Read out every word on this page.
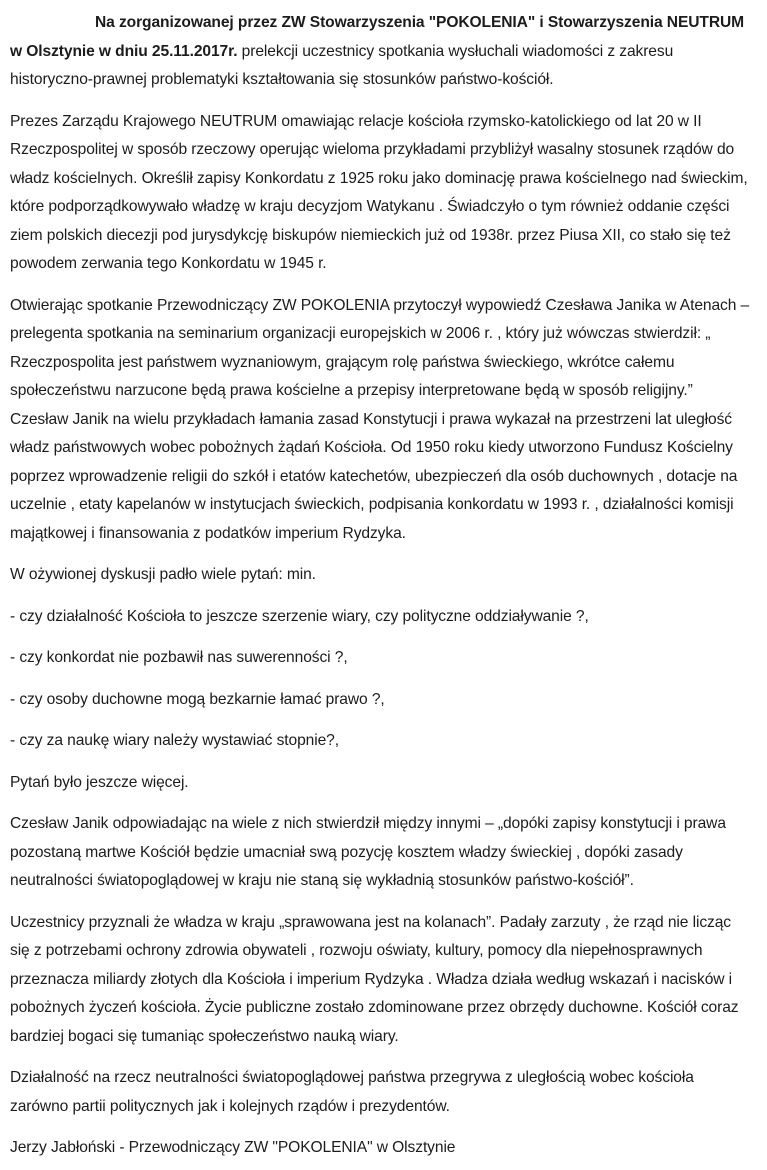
Na zorganizowanej przez ZW Stowarzyszenia "POKOLENIA" i Stowarzyszenia NEUTRUM w Olsztynie w dniu 25.11.2017r. prelekcji uczestnicy spotkania wysłuchali wiadomości z zakresu historyczno-prawnej problematyki kształtowania się stosunków państwo-kościół.

Prezes Zarządu Krajowego NEUTRUM omawiając relacje kościoła rzymsko-katolickiego od lat 20 w II Rzeczpospolitej w sposób rzeczowy operując wieloma przykładami przybliżył wasalny stosunek rządów do władz kościelnych. Określił zapisy Konkordatu z 1925 roku jako dominację prawa kościelnego nad świeckim, które podporządkowywało władzę w kraju decyzjom Watykanu . Świadczyło o tym również oddanie części ziem polskich diecezji pod jurysdykcję biskupów niemieckich już od 1938r. przez Piusa XII, co stało się też powodem zerwania tego Konkordatu w 1945 r.

Otwierając spotkanie Przewodniczący ZW POKOLENIA przytoczył wypowiedź Czesława Janika w Atenach – prelegenta spotkania na seminarium organizacji europejskich w 2006 r. , który już wówczas stwierdził: „ Rzeczpospolita jest państwem wyznaniowym, grającym rolę państwa świeckiego, wkrótce całemu społeczeństwu narzucone będą prawa kościelne a przepisy interpretowane będą w sposób religijny.” Czesław Janik na wielu przykładach łamania zasad Konstytucji i prawa wykazał na przestrzeni lat uległość władz państwowych wobec pobożnych żądań Kościoła. Od 1950 roku kiedy utworzono Fundusz Kościelny poprzez wprowadzenie religii do szkół i etatów katechetów, ubezpieczeń dla osób duchownych , dotacje na uczelnie , etaty kapelanów w instytucjach świeckich, podpisania konkordatu w 1993 r. , działalności komisji majątkowej i finansowania z podatków imperium Rydzyka.

W ożywionej dyskusji padło wiele pytań: min.

- czy działalność Kościoła to jeszcze szerzenie wiary, czy polityczne oddziaływanie ?,

- czy konkordat nie pozbawił nas suwerenności ?,

- czy osoby duchowne mogą bezkarnie łamać prawo ?,

- czy za naukę wiary należy wystawiać stopnie?,

Pytań było jeszcze więcej.

Czesław Janik odpowiadając na wiele z nich stwierdził między innymi – „dopóki zapisy konstytucji i prawa pozostaną martwe Kościół będzie umacniał swą pozycję kosztem władzy świeckiej , dopóki zasady neutralności światopoglądowej w kraju nie staną się wykładnią stosunków państwo-kościół”.

Uczestnicy przyznali że władza w kraju „sprawowana jest na kolanach”. Padały zarzuty , że rząd nie licząc się z potrzebami ochrony zdrowia obywateli , rozwoju oświaty, kultury, pomocy dla niepełnosprawnych przeznacza miliardy złotych dla Kościoła i imperium Rydzyka . Władza działa według wskazań i nacisków i pobożnych życzeń kościoła. Życie publiczne zostało zdominowane przez obrzędy duchowne. Kościół coraz bardziej bogaci się tumaniąc społeczeństwo nauką wiary.

Działalność na rzecz neutralności światopoglądowej państwa przegrywa z uległością wobec kościoła zarówno partii politycznych jak i kolejnych rządów i prezydentów.

Jerzy Jabłoński - Przewodniczący ZW "POKOLENIA" w Olsztynie
